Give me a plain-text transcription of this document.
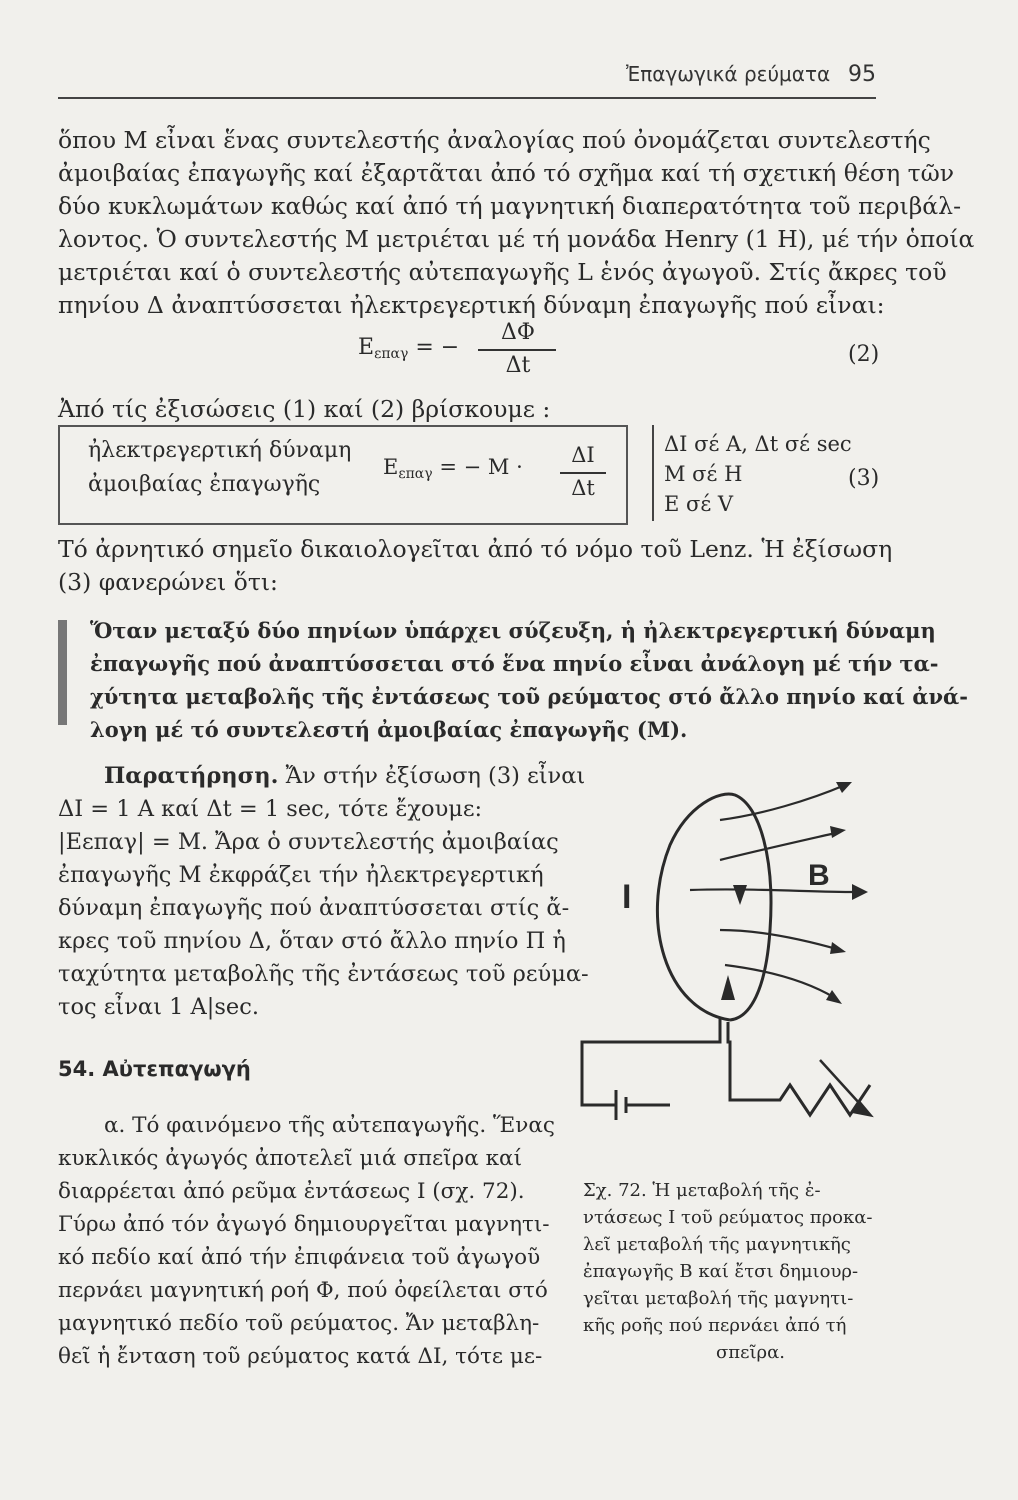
Ἐπαγωγικά ρεύματα 95
ὅπου M εἶναι ἕνας συντελεστής ἀναλογίας πού ὀνομάζεται συντελεστής
ἀμοιβαίας ἐπαγωγῆς καί ἐξαρτᾶται ἀπό τό σχῆμα καί τή σχετική θέση τῶν
δύο κυκλωμάτων καθώς καί ἀπό τή μαγνητική διαπερατότητα τοῦ περιβάλ-
λοντος. Ὁ συντελεστής M μετριέται μέ τή μονάδα Henry (1 H), μέ τήν ὁποία
μετριέται καί ὁ συντελεστής αὐτεπαγωγῆς L ἑνός ἀγωγοῦ. Στίς ἄκρες τοῦ
πηνίου Δ ἀναπτύσσεται ἠλεκτρεγερτική δύναμη ἐπαγωγῆς πού εἶναι:
$E_{\varepsilon\pi\alpha\gamma}$ = −
ΔΦ
Δt	(2)
Ἀπό τίς ἐξισώσεις (1) καί (2) βρίσκουμε :
ἠλεκτρεγερτική δύναμη
ἀμοιβαίας ἐπαγωγῆς
$E_{\varepsilon\pi\alpha\gamma}$ = − M ·	ΔI
Δt
ΔI σέ A, Δt σέ sec
M σέ H
E σέ V
(3)
Τό ἀρνητικό σημεῖο δικαιολογεῖται ἀπό τό νόμο τοῦ Lenz. Ἡ ἐξίσωση
(3) φανερώνει ὅτι:
Ὅταν μεταξύ δύο πηνίων ὑπάρχει σύζευξη, ἡ ἠλεκτρεγερτική δύναμη
ἐπαγωγῆς πού ἀναπτύσσεται στό ἕνα πηνίο εἶναι ἀνάλογη μέ τήν τα-
χύτητα μεταβολῆς τῆς ἐντάσεως τοῦ ρεύματος στό ἄλλο πηνίο καί ἀνά-
λογη μέ τό συντελεστή ἀμοιβαίας ἐπαγωγῆς (M).
Παρατήρηση. Ἄν στήν ἐξίσωση (3) εἶναι
ΔI = 1 A καί Δt = 1 sec, τότε ἔχουμε:
|Eεπαγ| = M. Ἄρα ὁ συντελεστής ἀμοιβαίας
ἐπαγωγῆς M ἐκφράζει τήν ἠλεκτρεγερτική
δύναμη ἐπαγωγῆς πού ἀναπτύσσεται στίς ἄ-
κρες τοῦ πηνίου Δ, ὅταν στό ἄλλο πηνίο Π ἡ
ταχύτητα μεταβολῆς τῆς ἐντάσεως τοῦ ρεύμα-
τος εἶναι 1 A|sec.
54. Αὐτεπαγωγή
α. Τό φαινόμενο τῆς αὐτεπαγωγῆς. Ἕνας
κυκλικός ἀγωγός ἀποτελεῖ μιά σπεῖρα καί
διαρρέεται ἀπό ρεῦμα ἐντάσεως I (σχ. 72).
Γύρω ἀπό τόν ἀγωγό δημιουργεῖται μαγνητι-
κό πεδίο καί ἀπό τήν ἐπιφάνεια τοῦ ἀγωγοῦ
περνάει μαγνητική ροή Φ, πού ὀφείλεται στό
μαγνητικό πεδίο τοῦ ρεύματος. Ἄν μεταβλη-
θεῖ ἡ ἔνταση τοῦ ρεύματος κατά ΔI, τότε με-
I
B
Σχ. 72. Ἡ μεταβολή τῆς ἐ-
ντάσεως I τοῦ ρεύματος προκα-
λεῖ μεταβολή τῆς μαγνητικῆς
ἐπαγωγῆς B καί ἔτσι δημιουρ-
γεῖται μεταβολή τῆς μαγνητι-
κῆς ροῆς πού περνάει ἀπό τή
σπεῖρα.
